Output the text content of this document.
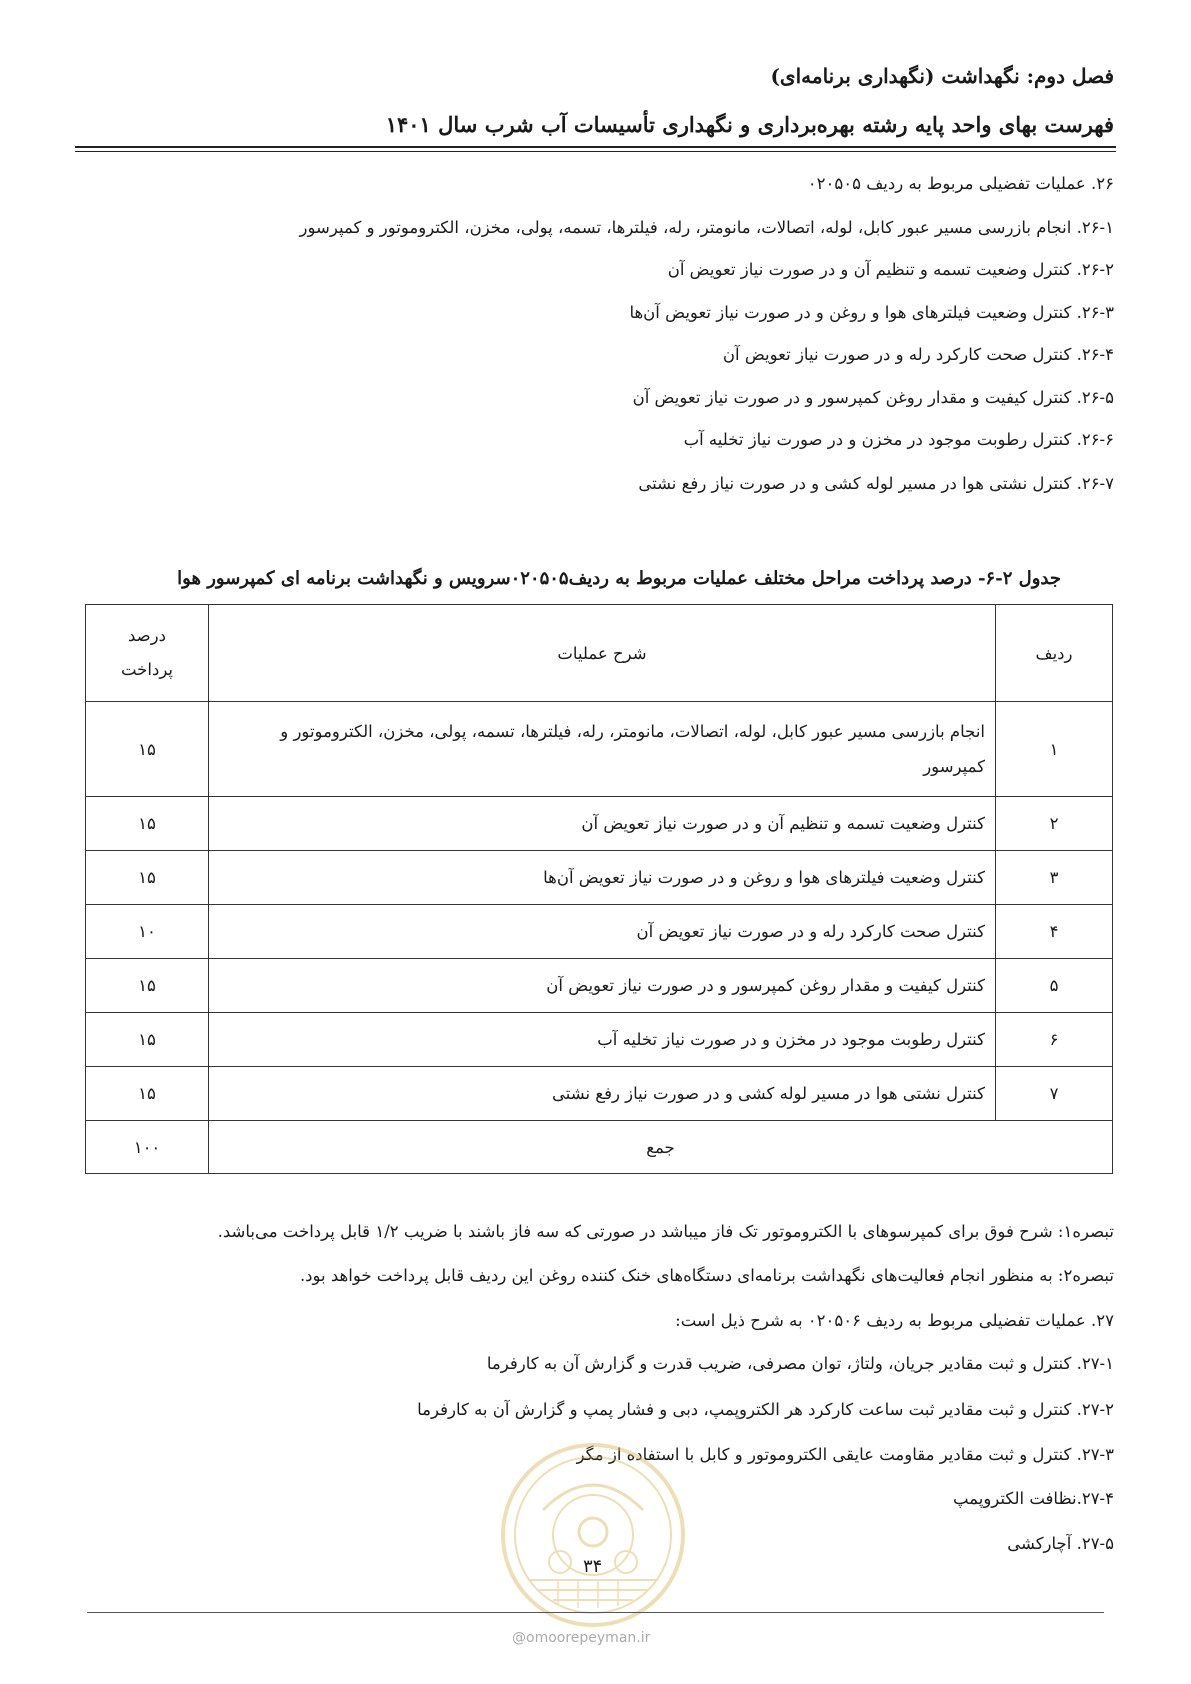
فصل دوم: نگهداشت (نگهداری برنامه‌ای)
فهرست بهای واحد پایه رشته بهره‌برداری و نگهداری تأسیسات آب شرب سال ۱۴۰۱
۲۶. عملیات تفضیلی مربوط به ردیف ۰۲۰۵۰۵
۲۶-۱. انجام بازرسی مسیر عبور کابل، لوله، اتصالات، مانومتر، رله، فیلترها، تسمه، پولی، مخزن، الکتروموتور و کمپرسور
۲۶-۲. کنترل وضعیت تسمه و تنظیم آن و در صورت نیاز تعویض آن
۲۶-۳. کنترل وضعیت فیلترهای هوا و روغن و در صورت نیاز تعویض آن‌ها
۲۶-۴. کنترل صحت کارکرد رله و در صورت نیاز تعویض آن
۲۶-۵. کنترل کیفیت و مقدار روغن کمپرسور و در صورت نیاز تعویض آن
۲۶-۶. کنترل رطوبت موجود در مخزن و در صورت نیاز تخلیه آب
۲۶-۷. کنترل نشتی هوا در مسیر لوله کشی و در صورت نیاز رفع نشتی
جدول ۲-۶- درصد پرداخت مراحل مختلف عملیات مربوط به ردیف۰۲۰۵۰۵سرویس و نگهداشت برنامه ای کمپرسور هوا
ردیف	شرح عملیات	درصد
پرداخت

۱	انجام بازرسی مسیر عبور کابل، لوله، اتصالات، مانومتر، رله، فیلترها، تسمه، پولی، مخزن، الکتروموتور و
کمپرسور	۱۵
۲	کنترل وضعیت تسمه و تنظیم آن و در صورت نیاز تعویض آن	۱۵
۳	کنترل وضعیت فیلترهای هوا و روغن و در صورت نیاز تعویض آن‌ها	۱۵
۴	کنترل صحت کارکرد رله و در صورت نیاز تعویض آن	۱۰
۵	کنترل کیفیت و مقدار روغن کمپرسور و در صورت نیاز تعویض آن	۱۵
۶	کنترل رطوبت موجود در مخزن و در صورت نیاز تخلیه آب	۱۵
۷	کنترل نشتی هوا در مسیر لوله کشی و در صورت نیاز رفع نشتی	۱۵
جمع		۱۰۰
تبصره۱: شرح فوق برای کمپرسوهای با الکتروموتور تک فاز میباشد در صورتی که سه فاز باشند با ضریب ۱/۲ قابل پرداخت می‌باشد.
تبصره۲: به منظور انجام فعالیت‌های نگهداشت برنامه‌ای دستگاه‌های خنک کننده روغن این ردیف قابل پرداخت خواهد بود.
۲۷. عملیات تفضیلی مربوط به ردیف ۰۲۰۵۰۶ به شرح ذیل است:
۲۷-۱. کنترل و ثبت مقادیر جریان، ولتاژ، توان مصرفی، ضریب قدرت و گزارش آن به کارفرما
۲۷-۲. کنترل و ثبت مقادیر ثبت ساعت کارکرد هر الکتروپمپ، دبی و فشار پمپ و گزارش آن به کارفرما
۲۷-۳. کنترل و ثبت مقادیر مقاومت عایقی الکتروموتور و کابل با استفاده از مگر
۲۷-۴.نظافت الکتروپمپ
۲۷-۵. آچارکشی
۳۴
@omoorepeyman.ir
